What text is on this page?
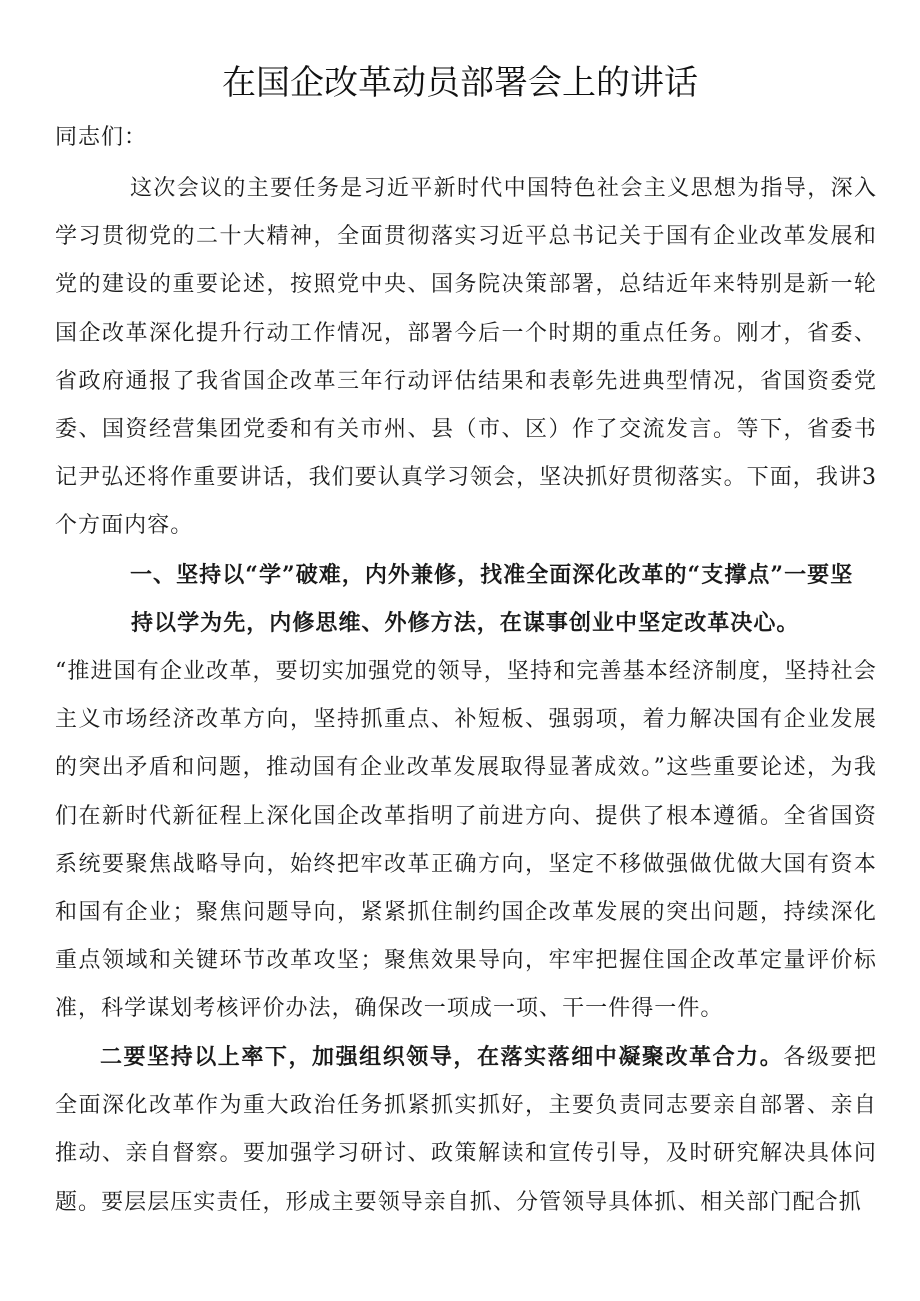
在国企改革动员部署会上的讲话
同志们：

这次会议的主要任务是习近平新时代中国特色社会主义思想为指导，深入学习贯彻党的二十大精神，全面贯彻落实习近平总书记关于国有企业改革发展和党的建设的重要论述，按照党中央、国务院决策部署，总结近年来特别是新一轮国企改革深化提升行动工作情况，部署今后一个时期的重点任务。刚才，省委、省政府通报了我省国企改革三年行动评估结果和表彰先进典型情况，省国资委党委、国资经营集团党委和有关市州、县（市、区）作了交流发言。等下，省委书记尹弘还将作重要讲话，我们要认真学习领会，坚决抓好贯彻落实。下面，我讲3个方面内容。

一、坚持以“学”破难，内外兼修，找准全面深化改革的“支撑点”一要坚
持以学为先，内修思维、外修方法，在谋事创业中坚定改革决心。

“推进国有企业改革，要切实加强党的领导，坚持和完善基本经济制度，坚持社会主义市场经济改革方向，坚持抓重点、补短板、强弱项，着力解决国有企业发展的突出矛盾和问题，推动国有企业改革发展取得显著成效。”这些重要论述，为我们在新时代新征程上深化国企改革指明了前进方向、提供了根本遵循。全省国资系统要聚焦战略导向，始终把牢改革正确方向，坚定不移做强做优做大国有资本和国有企业；聚焦问题导向，紧紧抓住制约国企改革发展的突出问题，持续深化重点领域和关键环节改革攻坚；聚焦效果导向，牢牢把握住国企改革定量评价标准，科学谋划考核评价办法，确保改一项成一项、干一件得一件。

二要坚持以上率下，加强组织领导，在落实落细中凝聚改革合力。各级要把全面深化改革作为重大政治任务抓紧抓实抓好，主要负责同志要亲自部署、亲自推动、亲自督察。要加强学习研讨、政策解读和宣传引导，及时研究解决具体问题。要层层压实责任，形成主要领导亲自抓、分管领导具体抓、相关部门配合抓
